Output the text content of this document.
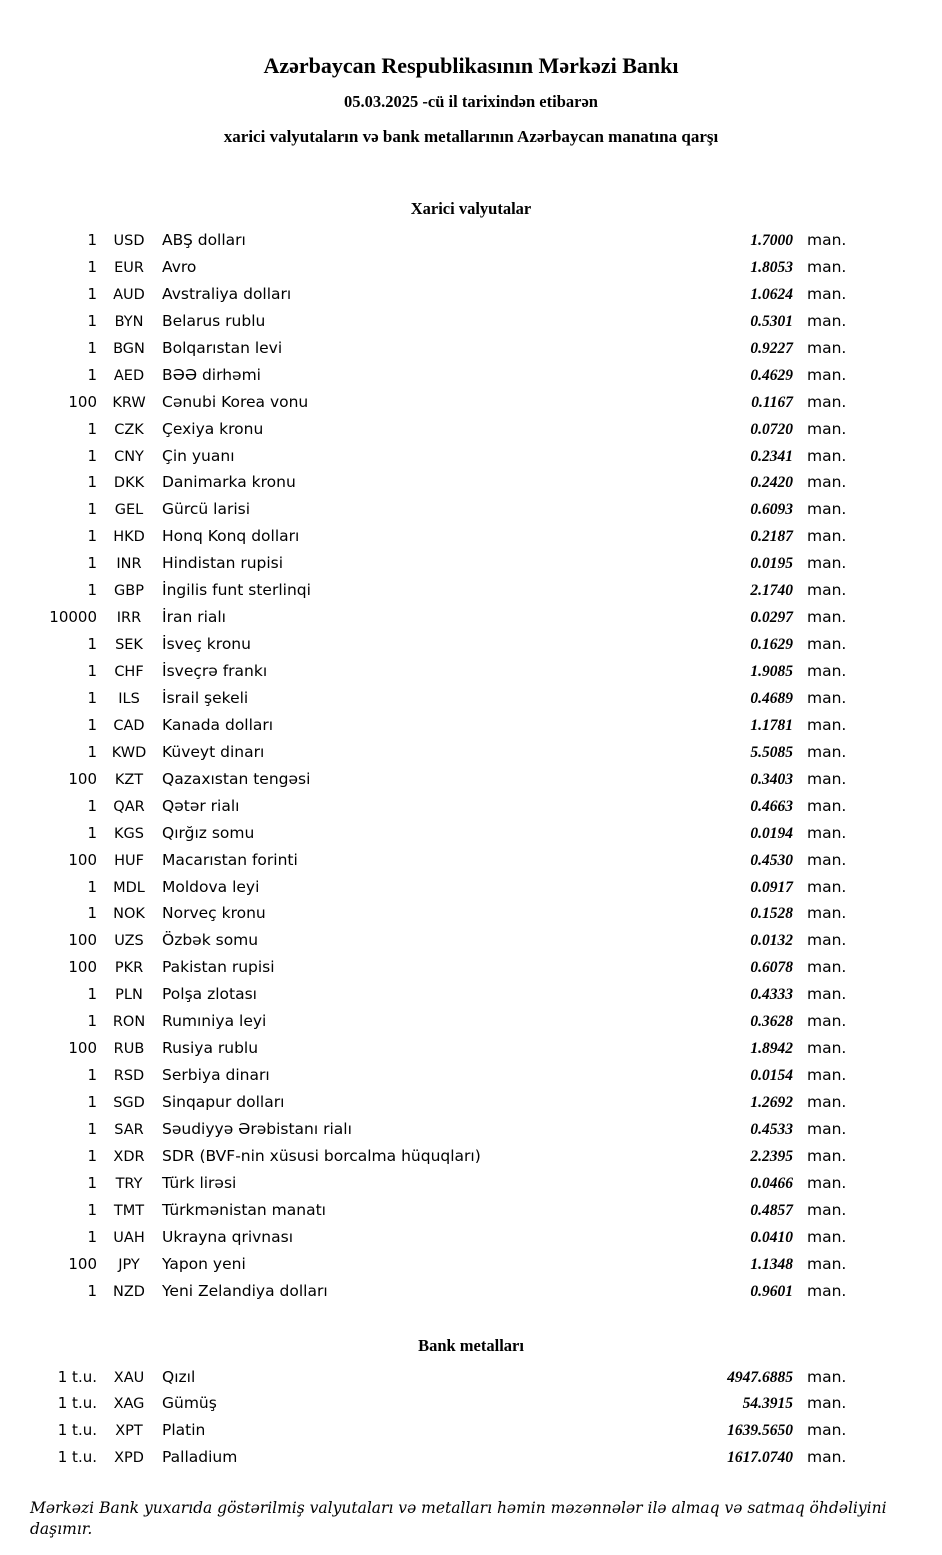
Azərbaycan Respublikasının Mərkəzi Bankı
05.03.2025 -cü il tarixindən etibarən
xarici valyutaların və bank metallarının Azərbaycan manatına qarşı
Xarici valyutalar
1	USD	ABŞ dolları	1.7000 man.
1	EUR	Avro	1.8053 man.
1	AUD	Avstraliya dolları	1.0624 man.
1	BYN	Belarus rublu	0.5301 man.
1	BGN	Bolqarıstan levi	0.9227 man.
1	AED	BƏƏ dirhəmi	0.4629 man.
100	KRW	Cənubi Korea vonu	0.1167 man.
1	CZK	Çexiya kronu	0.0720 man.
1	CNY	Çin yuanı	0.2341 man.
1	DKK	Danimarka kronu	0.2420 man.
1	GEL	Gürcü larisi	0.6093 man.
1	HKD	Honq Konq dolları	0.2187 man.
1	INR	Hindistan rupisi	0.0195 man.
1	GBP	İngilis funt sterlinqi	2.1740 man.
10000	IRR	İran rialı	0.0297 man.
1	SEK	İsveç kronu	0.1629 man.
1	CHF	İsveçrə frankı	1.9085 man.
1	ILS	İsrail şekeli	0.4689 man.
1	CAD	Kanada dolları	1.1781 man.
1	KWD	Küveyt dinarı	5.5085 man.
100	KZT	Qazaxıstan tengəsi	0.3403 man.
1	QAR	Qətər rialı	0.4663 man.
1	KGS	Qırğız somu	0.0194 man.
100	HUF	Macarıstan forinti	0.4530 man.
1	MDL	Moldova leyi	0.0917 man.
1	NOK	Norveç kronu	0.1528 man.
100	UZS	Özbək somu	0.0132 man.
100	PKR	Pakistan rupisi	0.6078 man.
1	PLN	Polşa zlotası	0.4333 man.
1	RON	Rumıniya leyi	0.3628 man.
100	RUB	Rusiya rublu	1.8942 man.
1	RSD	Serbiya dinarı	0.0154 man.
1	SGD	Sinqapur dolları	1.2692 man.
1	SAR	Səudiyyə Ərəbistanı rialı	0.4533 man.
1	XDR	SDR (BVF-nin xüsusi borcalma hüquqları)	2.2395 man.
1	TRY	Türk lirəsi	0.0466 man.
1	TMT	Türkmənistan manatı	0.4857 man.
1	UAH	Ukrayna qrivnası	0.0410 man.
100	JPY	Yapon yeni	1.1348 man.
1	NZD	Yeni Zelandiya dolları	0.9601 man.
Bank metalları
1 t.u.	XAU	Qızıl	4947.6885 man.
1 t.u.	XAG	Gümüş	54.3915 man.
1 t.u.	XPT	Platin	1639.5650 man.
1 t.u.	XPD	Palladium	1617.0740 man.
Mərkəzi Bank yuxarıda göstərilmiş valyutaları və metalları həmin məzənnələr ilə almaq və satmaq öhdəliyini daşımır.
